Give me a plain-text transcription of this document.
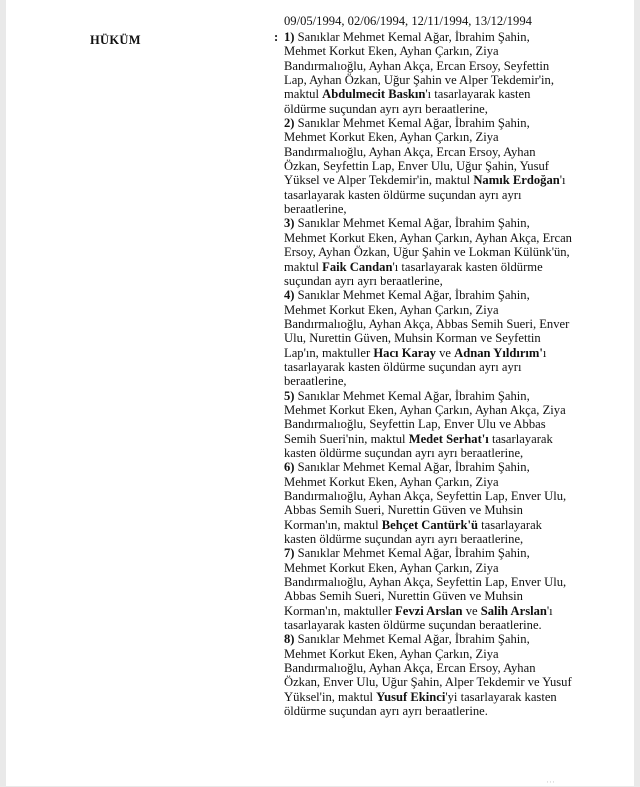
HÜKÜM
09/05/1994, 02/06/1994, 12/11/1994, 13/12/1994

: 1) Sanıklar Mehmet Kemal Ağar, İbrahim Şahin, Mehmet Korkut Eken, Ayhan Çarkın, Ziya Bandırmalıoğlu, Ayhan Akça, Ercan Ersoy, Seyfettin Lap, Ayhan Özkan, Uğur Şahin ve Alper Tekdemir'in, maktul Abdulmecit Baskın'ı tasarlayarak kasten öldürme suçundan ayrı ayrı beraatlerine,

2) Sanıklar Mehmet Kemal Ağar, İbrahim Şahin, Mehmet Korkut Eken, Ayhan Çarkın, Ziya Bandırmalıoğlu, Ayhan Akça, Ercan Ersoy, Ayhan Özkan, Seyfettin Lap, Enver Ulu, Uğur Şahin, Yusuf Yüksel ve Alper Tekdemir'in, maktul Namık Erdoğan'ı tasarlayarak kasten öldürme suçundan ayrı ayrı beraatlerine,

3) Sanıklar Mehmet Kemal Ağar, İbrahim Şahin, Mehmet Korkut Eken, Ayhan Çarkın, Ayhan Akça, Ercan Ersoy, Ayhan Özkan, Uğur Şahin ve Lokman Külünk'ün, maktul Faik Candan'ı tasarlayarak kasten öldürme suçundan ayrı ayrı beraatlerine,

4) Sanıklar Mehmet Kemal Ağar, İbrahim Şahin, Mehmet Korkut Eken, Ayhan Çarkın, Ziya Bandırmalıoğlu, Ayhan Akça, Abbas Semih Sueri, Enver Ulu, Nurettin Güven, Muhsin Korman ve Seyfettin Lap'ın, maktuller Hacı Karay ve Adnan Yıldırım'ı tasarlayarak kasten öldürme suçundan ayrı ayrı beraatlerine,

5) Sanıklar Mehmet Kemal Ağar, İbrahim Şahin, Mehmet Korkut Eken, Ayhan Çarkın, Ayhan Akça, Ziya Bandırmalıoğlu, Seyfettin Lap, Enver Ulu ve Abbas Semih Sueri'nin, maktul Medet Serhat'ı tasarlayarak kasten öldürme suçundan ayrı ayrı beraatlerine,

6) Sanıklar Mehmet Kemal Ağar, İbrahim Şahin, Mehmet Korkut Eken, Ayhan Çarkın, Ziya Bandırmalıoğlu, Ayhan Akça, Seyfettin Lap, Enver Ulu, Abbas Semih Sueri, Nurettin Güven ve Muhsin Korman'ın, maktul Behçet Cantürk'ü tasarlayarak kasten öldürme suçundan ayrı ayrı beraatlerine,

7) Sanıklar Mehmet Kemal Ağar, İbrahim Şahin, Mehmet Korkut Eken, Ayhan Çarkın, Ziya Bandırmalıoğlu, Ayhan Akça, Seyfettin Lap, Enver Ulu, Abbas Semih Sueri, Nurettin Güven ve Muhsin Korman'ın, maktuller Fevzi Arslan ve Salih Arslan'ı tasarlayarak kasten öldürme suçundan beraatlerine.

8) Sanıklar Mehmet Kemal Ağar, İbrahim Şahin, Mehmet Korkut Eken, Ayhan Çarkın, Ziya Bandırmalıoğlu, Ayhan Akça, Ercan Ersoy, Ayhan Özkan, Enver Ulu, Uğur Şahin, Alper Tekdemir ve Yusuf Yüksel'in, maktul Yusuf Ekinci'yi tasarlayarak kasten öldürme suçundan ayrı ayrı beraatlerine.

···
